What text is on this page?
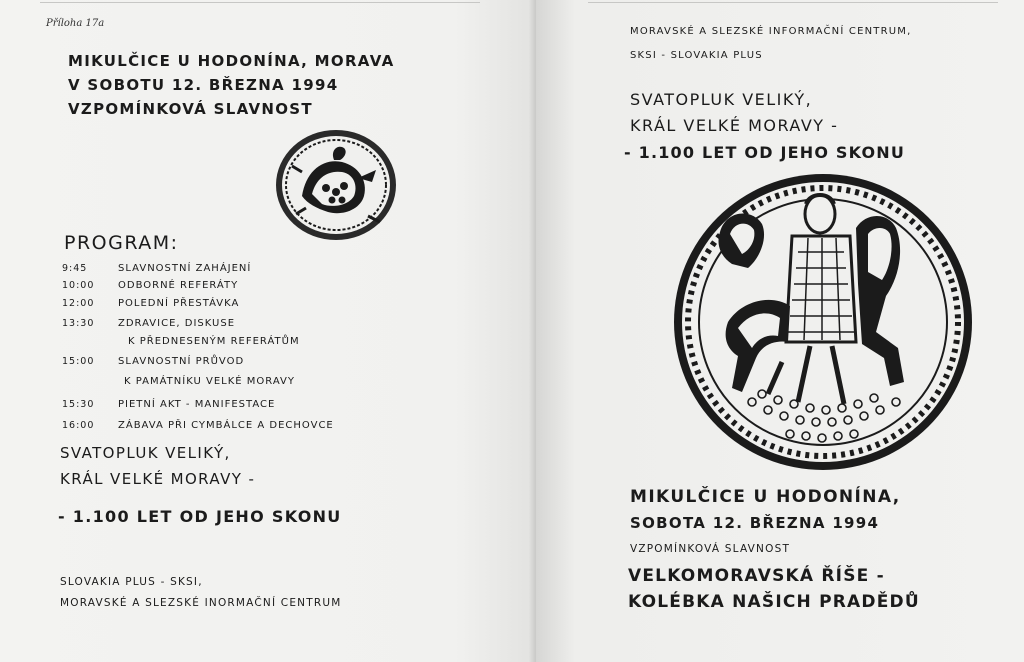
Příloha 17a
MIKULČICE U HODONÍNA, MORAVA
V SOBOTU 12. BŘEZNA 1994
VZPOMÍNKOVÁ SLAVNOST
PROGRAM:
9:45	SLAVNOSTNÍ ZAHÁJENÍ
10:00 ODBORNÉ REFERÁTY
12:00 POLEDNÍ PŘESTÁVKA
13:30 ZDRAVICE, DISKUSE
K PŘEDNESENÝM REFERÁTŮM
15:00 SLAVNOSTNÍ PRŮVOD
K PAMÁTNÍKU VELKÉ MORAVY
15:30 PIETNÍ AKT - MANIFESTACE
16:00 ZÁBAVA PŘI CYMBÁLCE A DECHOVCE
SVATOPLUK VELIKÝ,
KRÁL VELKÉ MORAVY -
- 1.100 LET OD JEHO SKONU
SLOVAKIA PLUS - SKSI,
MORAVSKÉ A SLEZSKÉ INORMAČNÍ CENTRUM
MORAVSKÉ A SLEZSKÉ INFORMAČNÍ CENTRUM,
SKSI - SLOVAKIA PLUS
SVATOPLUK VELIKÝ,
KRÁL VELKÉ MORAVY -
- 1.100 LET OD JEHO SKONU
MIKULČICE U HODONÍNA,
SOBOTA 12. BŘEZNA 1994
VZPOMÍNKOVÁ SLAVNOST
VELKOMORAVSKÁ ŘÍŠE -
KOLÉBKA NAŠICH PRADĚDŮ
